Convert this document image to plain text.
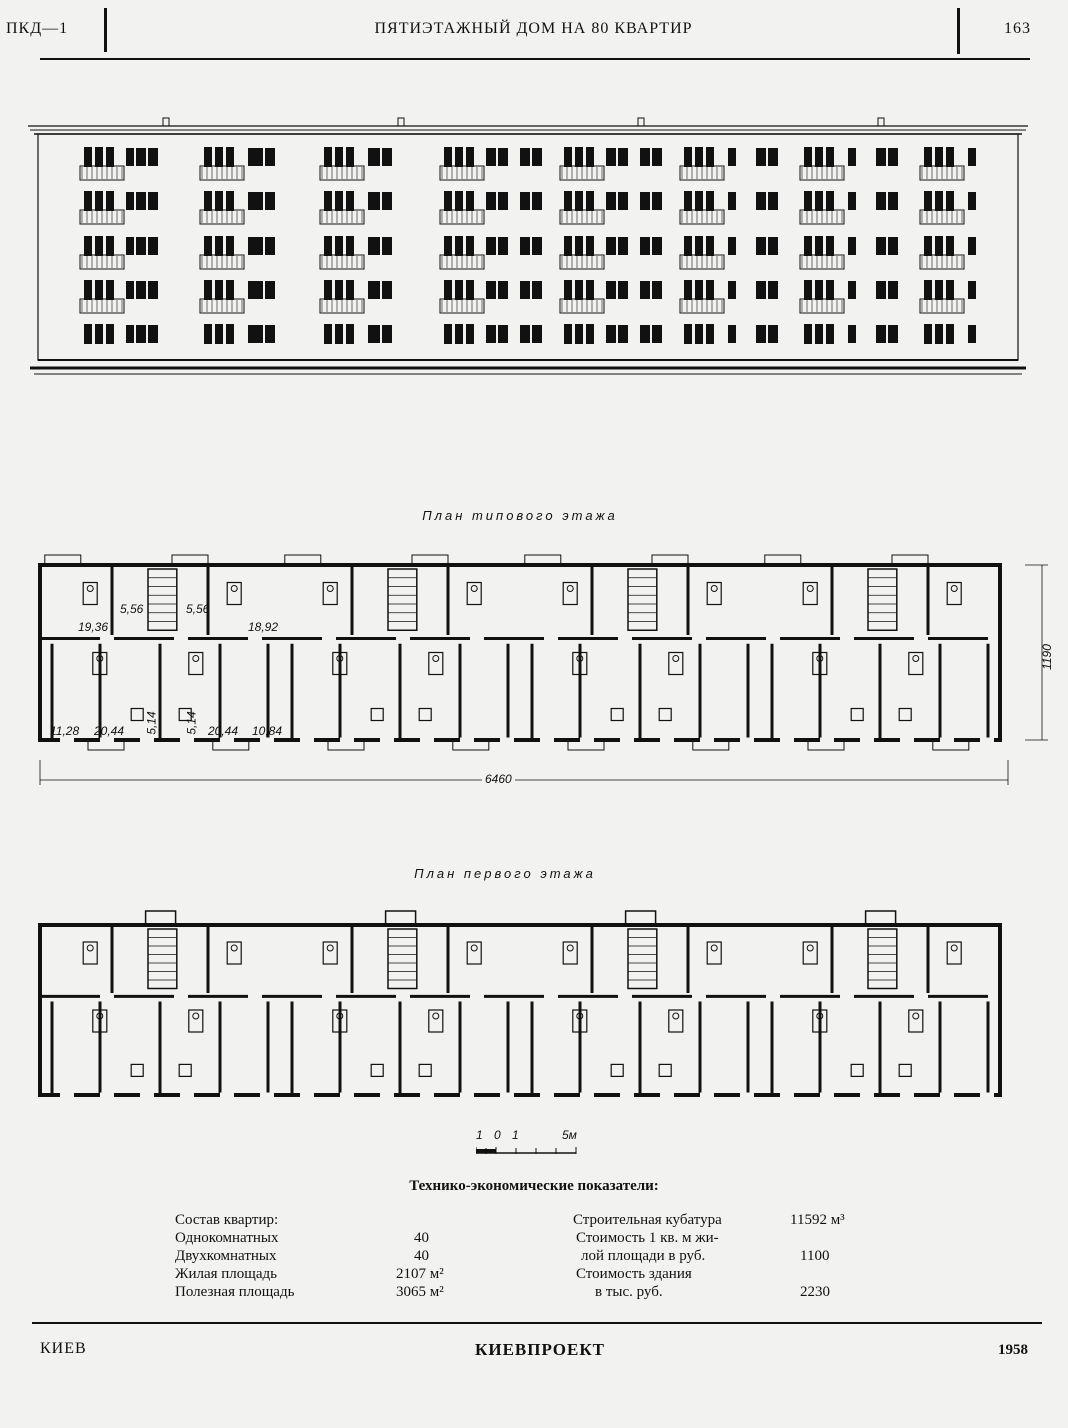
ПКД—1	ПЯТИЭТАЖНЫЙ ДОМ НА 80 КВАРТИР	163
План типового этажа
19,36
5,56	5,56
18,92
11,28 20,44 5,14 5,14 20,44 10,84
6460
1190
План первого этажа
1 0 1	5м
Технико-экономические показатели:
Состав квартир:
Однокомнатных	40
Двухкомнатных	40
Жилая площадь	2107 м²
Полезная площадь	3065 м²
Строительная кубатура	11592 м³
Стоимость 1 кв. м жи-
лой площади в руб.	1100
Стоимость здания
в тыс. руб.	2230
КИЕВ	КИЕВПРОЕКТ	1958
